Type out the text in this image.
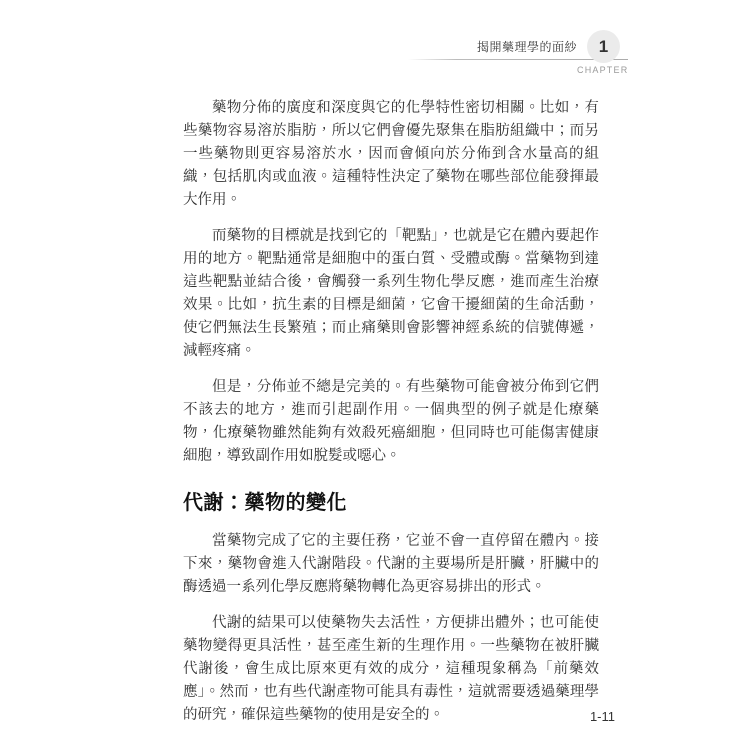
揭開藥理學的面紗 1
CHAPTER

藥物分佈的廣度和深度與它的化學特性密切相關。比如，有些藥物容易溶於脂肪，所以它們會優先聚集在脂肪組織中；而另一些藥物則更容易溶於水，因而會傾向於分佈到含水量高的組織，包括肌肉或血液。這種特性決定了藥物在哪些部位能發揮最大作用。

而藥物的目標就是找到它的「靶點」，也就是它在體內要起作用的地方。靶點通常是細胞中的蛋白質、受體或酶。當藥物到達這些靶點並結合後，會觸發一系列生物化學反應，進而產生治療效果。比如，抗生素的目標是細菌，它會干擾細菌的生命活動，使它們無法生長繁殖；而止痛藥則會影響神經系統的信號傳遞，減輕疼痛。

但是，分佈並不總是完美的。有些藥物可能會被分佈到它們不該去的地方，進而引起副作用。一個典型的例子就是化療藥物，化療藥物雖然能夠有效殺死癌細胞，但同時也可能傷害健康細胞，導致副作用如脫髮或噁心。

代謝：藥物的變化

當藥物完成了它的主要任務，它並不會一直停留在體內。接下來，藥物會進入代謝階段。代謝的主要場所是肝臟，肝臟中的酶透過一系列化學反應將藥物轉化為更容易排出的形式。

代謝的結果可以使藥物失去活性，方便排出體外；也可能使藥物變得更具活性，甚至產生新的生理作用。一些藥物在被肝臟代謝後，會生成比原來更有效的成分，這種現象稱為「前藥效應」。然而，也有些代謝產物可能具有毒性，這就需要透過藥理學的研究，確保這些藥物的使用是安全的。	1-11
